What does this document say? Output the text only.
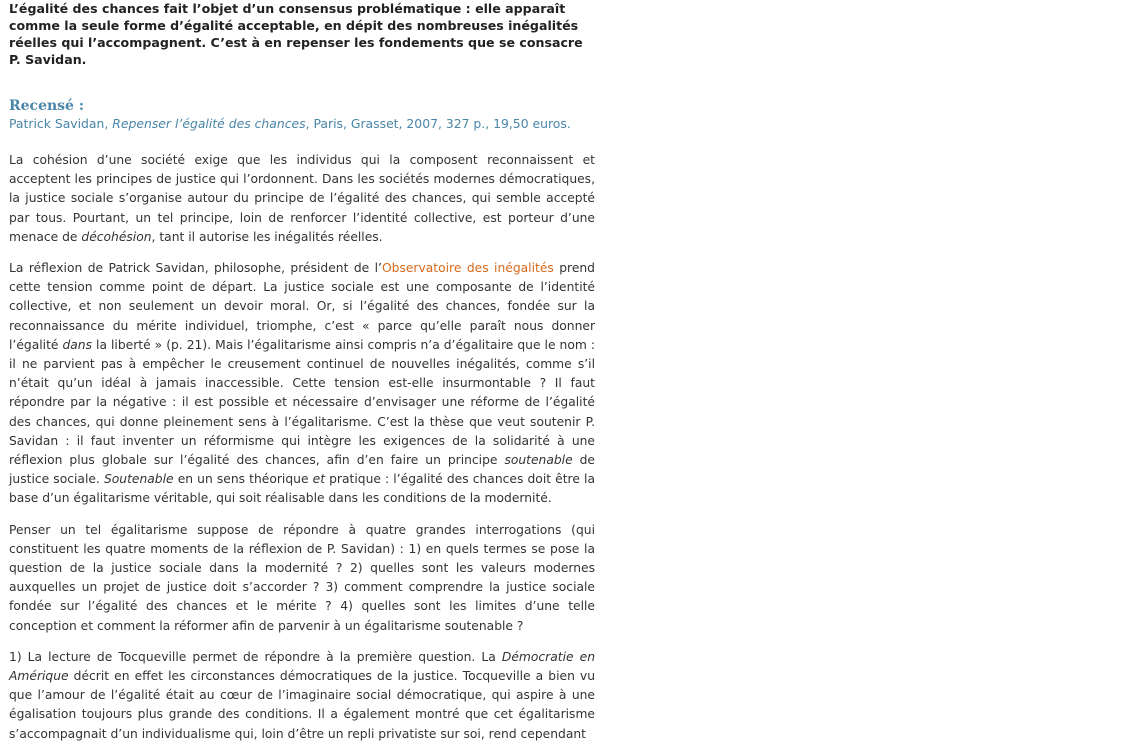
L’égalité des chances fait l’objet d’un consensus problématique : elle apparaît comme la seule forme d’égalité acceptable, en dépit des nombreuses inégalités réelles qui l’accompagnent. C’est à en repenser les fondements que se consacre P. Savidan.

Recensé :
Patrick Savidan, Repenser l’égalité des chances, Paris, Grasset, 2007, 327 p., 19,50 euros.

La cohésion d’une société exige que les individus qui la composent reconnaissent et acceptent les principes de justice qui l’ordonnent. Dans les sociétés modernes démocratiques, la justice sociale s’organise autour du principe de l’égalité des chances, qui semble accepté par tous. Pourtant, un tel principe, loin de renforcer l’identité collective, est porteur d’une menace de décohésion, tant il autorise les inégalités réelles.

La réflexion de Patrick Savidan, philosophe, président de l’Observatoire des inégalités prend cette tension comme point de départ. La justice sociale est une composante de l’identité collective, et non seulement un devoir moral. Or, si l’égalité des chances, fondée sur la reconnaissance du mérite individuel, triomphe, c’est « parce qu’elle paraît nous donner l’égalité dans la liberté » (p. 21). Mais l’égalitarisme ainsi compris n’a d’égalitaire que le nom : il ne parvient pas à empêcher le creusement continuel de nouvelles inégalités, comme s’il n’était qu’un idéal à jamais inaccessible. Cette tension est-elle insurmontable ? Il faut répondre par la négative : il est possible et nécessaire d’envisager une réforme de l’égalité des chances, qui donne pleinement sens à l’égalitarisme. C’est la thèse que veut soutenir P. Savidan : il faut inventer un réformisme qui intègre les exigences de la solidarité à une réflexion plus globale sur l’égalité des chances, afin d’en faire un principe soutenable de justice sociale. Soutenable en un sens théorique et pratique : l’égalité des chances doit être la base d’un égalitarisme véritable, qui soit réalisable dans les conditions de la modernité.

Penser un tel égalitarisme suppose de répondre à quatre grandes interrogations (qui constituent les quatre moments de la réflexion de P. Savidan) : 1) en quels termes se pose la question de la justice sociale dans la modernité ? 2) quelles sont les valeurs modernes auxquelles un projet de justice doit s’accorder ? 3) comment comprendre la justice sociale fondée sur l’égalité des chances et le mérite ? 4) quelles sont les limites d’une telle conception et comment la réformer afin de parvenir à un égalitarisme soutenable ?

1) La lecture de Tocqueville permet de répondre à la première question. La Démocratie en Amérique décrit en effet les circonstances démocratiques de la justice. Tocqueville a bien vu que l’amour de l’égalité était au cœur de l’imaginaire social démocratique, qui aspire à une égalisation toujours plus grande des conditions. Il a également montré que cet égalitarisme s’accompagnait d’un individualisme qui, loin d’être un repli privatiste sur soi, rend cependant
